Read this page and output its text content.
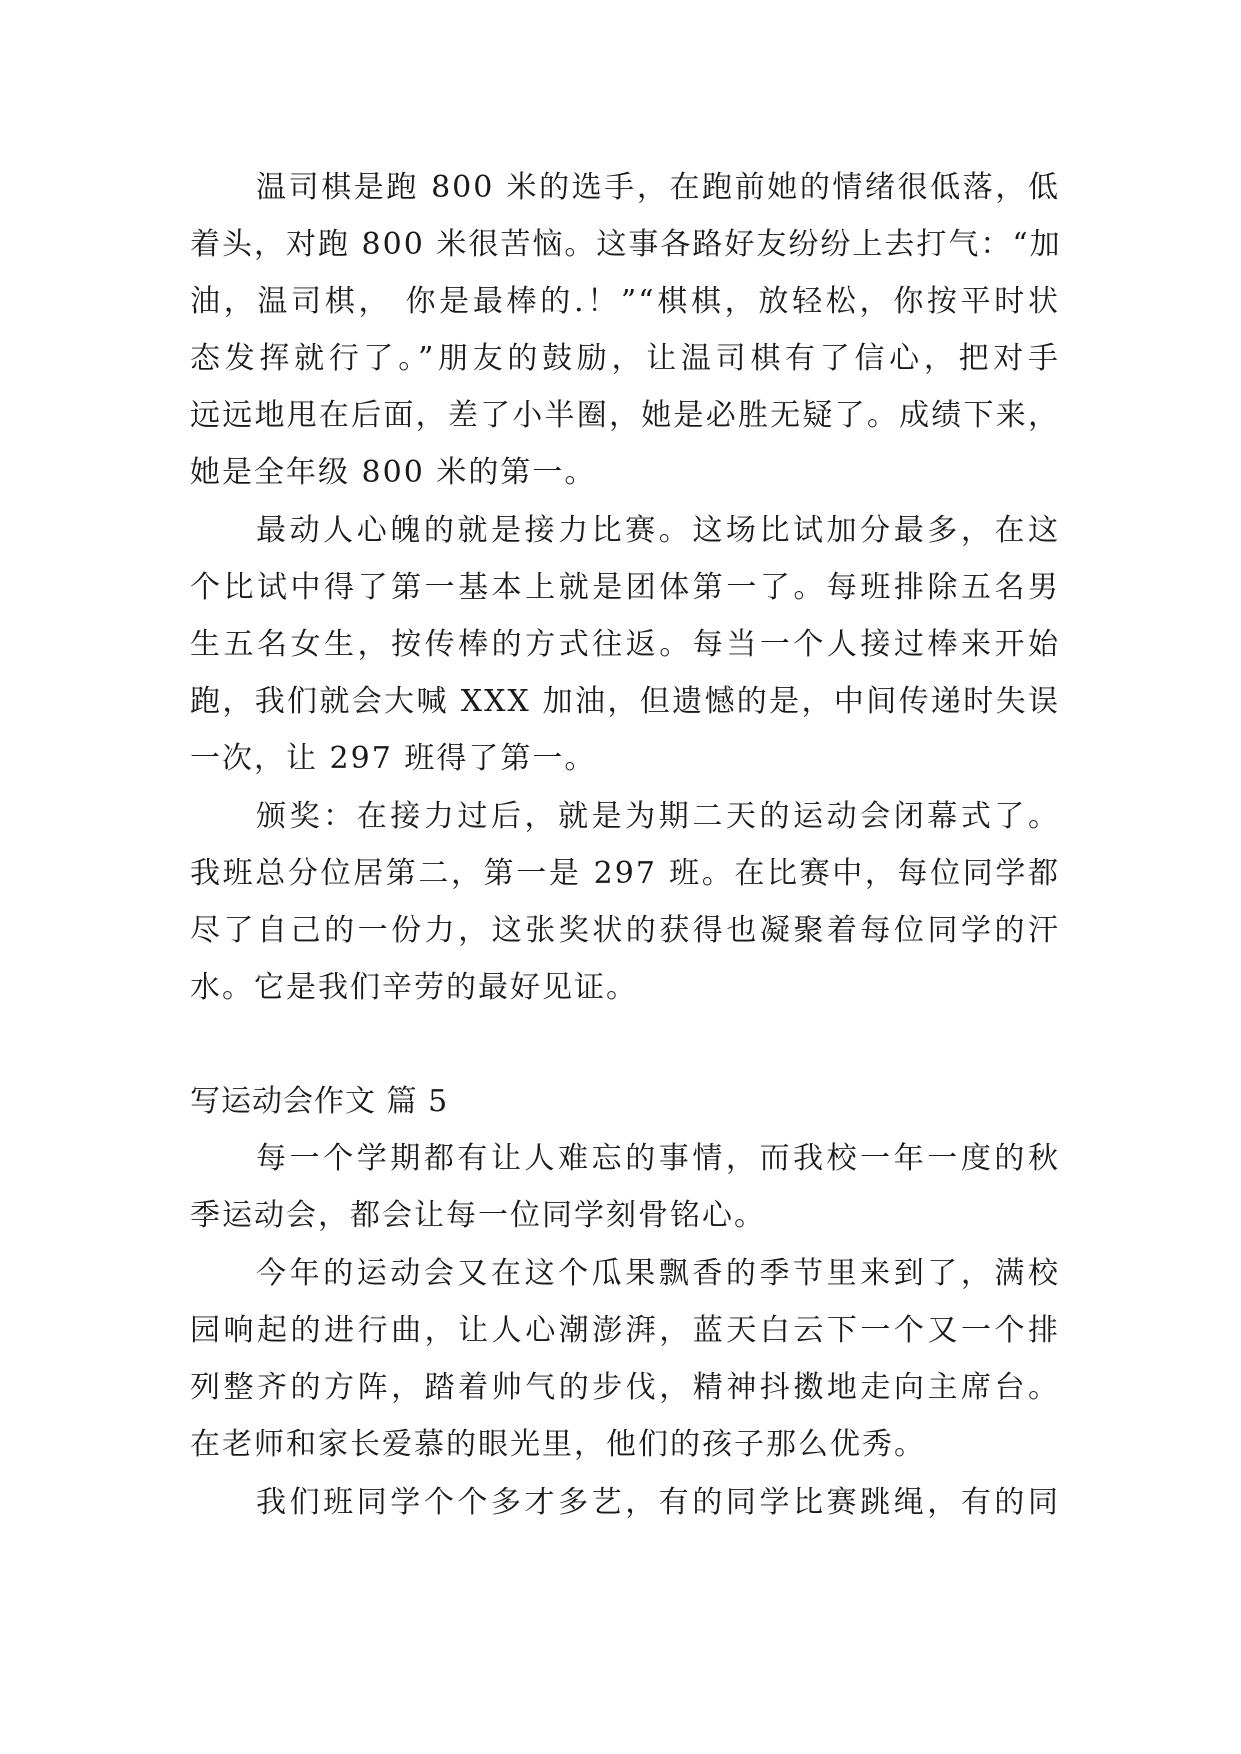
温司棋是跑 800 米的选手，在跑前她的情绪很低落，低
着头，对跑 800 米很苦恼。这事各路好友纷纷上去打气：“加
油，温司棋， 你是最棒的.！”“棋棋，放轻松，你按平时状
态发挥就行了。”朋友的鼓励，让温司棋有了信心，把对手
远远地甩在后面，差了小半圈，她是必胜无疑了。成绩下来，
她是全年级 800 米的第一。
最动人心魄的就是接力比赛。这场比试加分最多，在这
个比试中得了第一基本上就是团体第一了。每班排除五名男
生五名女生，按传棒的方式往返。每当一个人接过棒来开始
跑，我们就会大喊 XXX 加油，但遗憾的是，中间传递时失误
一次，让 297 班得了第一。
颁奖：在接力过后，就是为期二天的运动会闭幕式了。
我班总分位居第二，第一是 297 班。在比赛中，每位同学都
尽了自己的一份力，这张奖状的获得也凝聚着每位同学的汗
水。它是我们辛劳的最好见证。
写运动会作文 篇 5
每一个学期都有让人难忘的事情，而我校一年一度的秋
季运动会，都会让每一位同学刻骨铭心。
今年的运动会又在这个瓜果飘香的季节里来到了，满校
园响起的进行曲，让人心潮澎湃，蓝天白云下一个又一个排
列整齐的方阵，踏着帅气的步伐，精神抖擞地走向主席台。
在老师和家长爱慕的眼光里，他们的孩子那么优秀。
我们班同学个个多才多艺，有的同学比赛跳绳，有的同
